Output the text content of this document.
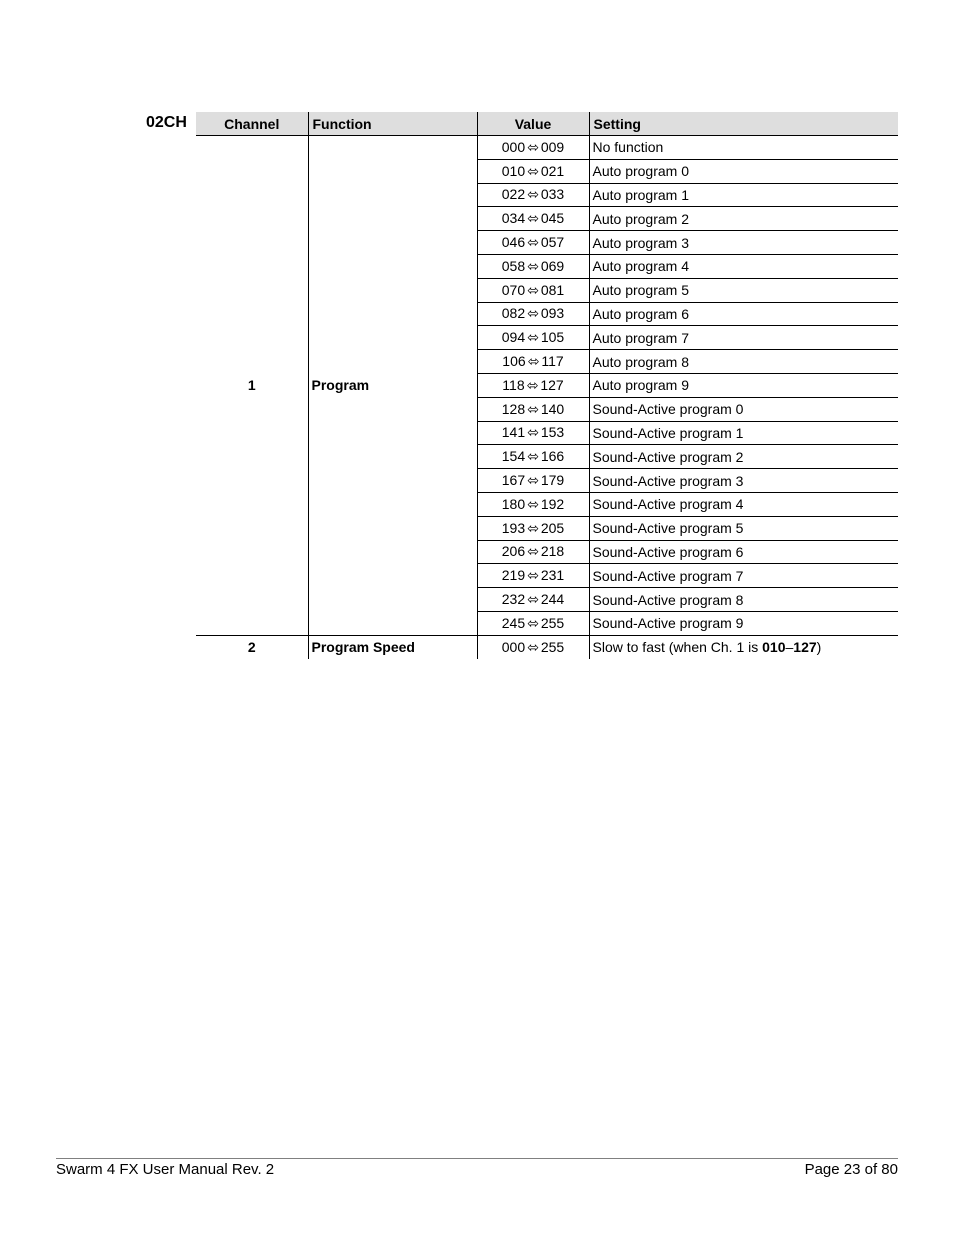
02CH	Channel	Function	Value	Setting
1	Program	000 ⬄ 009	No function
		010 ⬄ 021	Auto program 0
		022 ⬄ 033	Auto program 1
		034 ⬄ 045	Auto program 2
		046 ⬄ 057	Auto program 3
		058 ⬄ 069	Auto program 4
		070 ⬄ 081	Auto program 5
		082 ⬄ 093	Auto program 6
		094 ⬄ 105	Auto program 7
		106 ⬄ 117	Auto program 8
		118 ⬄ 127	Auto program 9
		128 ⬄ 140	Sound-Active program 0
		141 ⬄ 153	Sound-Active program 1
		154 ⬄ 166	Sound-Active program 2
		167 ⬄ 179	Sound-Active program 3
		180 ⬄ 192	Sound-Active program 4
		193 ⬄ 205	Sound-Active program 5
		206 ⬄ 218	Sound-Active program 6
		219 ⬄ 231	Sound-Active program 7
		232 ⬄ 244	Sound-Active program 8
		245 ⬄ 255	Sound-Active program 9
2	Program Speed	000 ⬄ 255	Slow to fast (when Ch. 1 is 010–127)
Swarm 4 FX User Manual Rev. 2	Page 23 of 80
